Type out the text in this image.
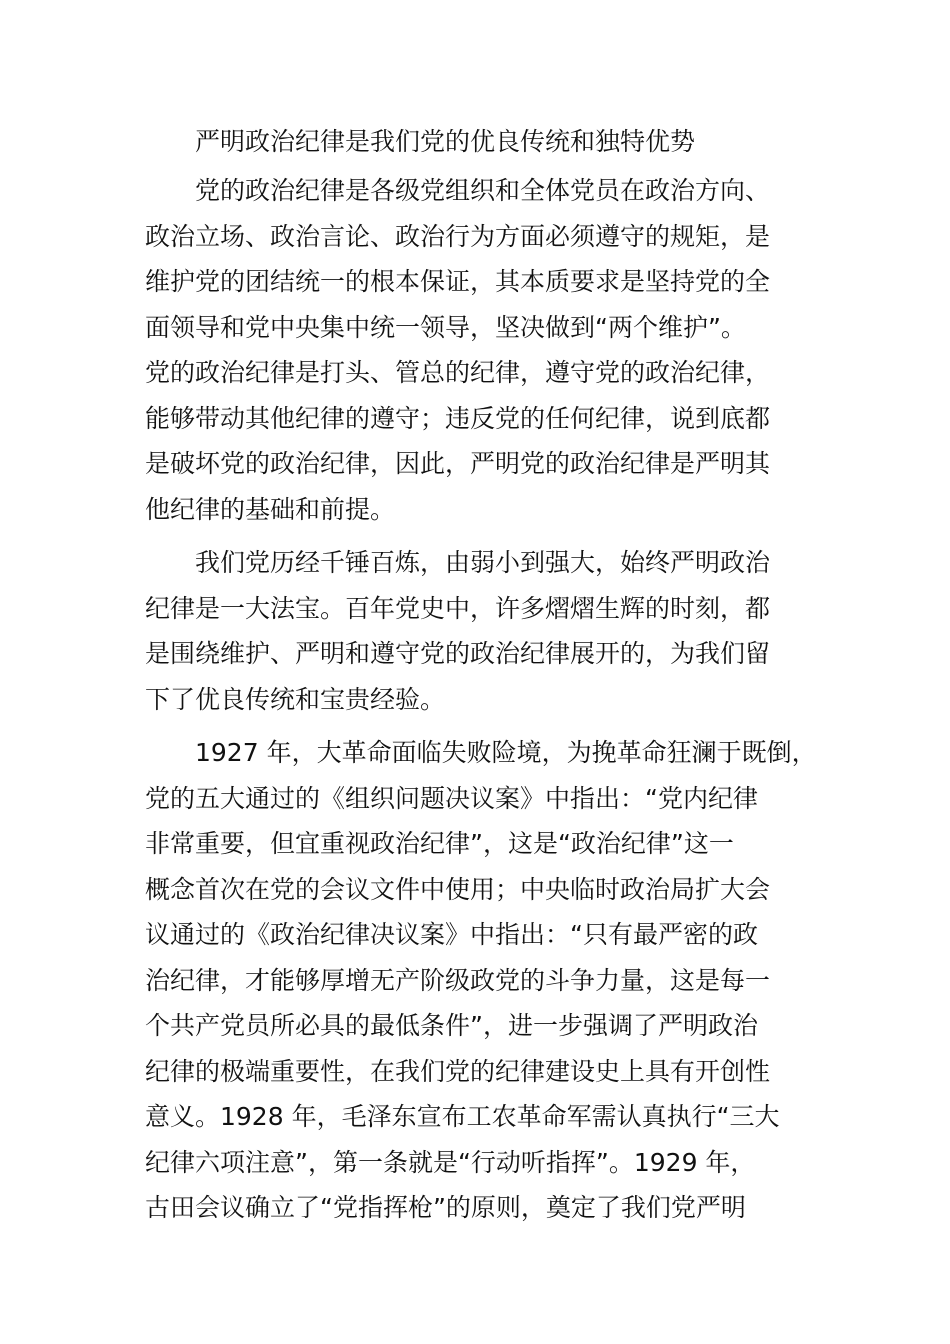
严明政治纪律是我们党的优良传统和独特优势
党的政治纪律是各级党组织和全体党员在政治方向、
政治立场、政治言论、政治行为方面必须遵守的规矩，是
维护党的团结统一的根本保证，其本质要求是坚持党的全
面领导和党中央集中统一领导，坚决做到“两个维护”。
党的政治纪律是打头、管总的纪律，遵守党的政治纪律，
能够带动其他纪律的遵守；违反党的任何纪律，说到底都
是破坏党的政治纪律，因此，严明党的政治纪律是严明其
他纪律的基础和前提。
我们党历经千锤百炼，由弱小到强大，始终严明政治
纪律是一大法宝。百年党史中，许多熠熠生辉的时刻，都
是围绕维护、严明和遵守党的政治纪律展开的，为我们留
下了优良传统和宝贵经验。
1927 年，大革命面临失败险境，为挽革命狂澜于既倒，
党的五大通过的《组织问题决议案》中指出：“党内纪律
非常重要，但宜重视政治纪律”，这是“政治纪律”这一
概念首次在党的会议文件中使用；中央临时政治局扩大会
议通过的《政治纪律决议案》中指出：“只有最严密的政
治纪律，才能够厚增无产阶级政党的斗争力量，这是每一
个共产党员所必具的最低条件”，进一步强调了严明政治
纪律的极端重要性，在我们党的纪律建设史上具有开创性
意义。1928 年，毛泽东宣布工农革命军需认真执行“三大
纪律六项注意”，第一条就是“行动听指挥”。1929 年，
古田会议确立了“党指挥枪”的原则，奠定了我们党严明
